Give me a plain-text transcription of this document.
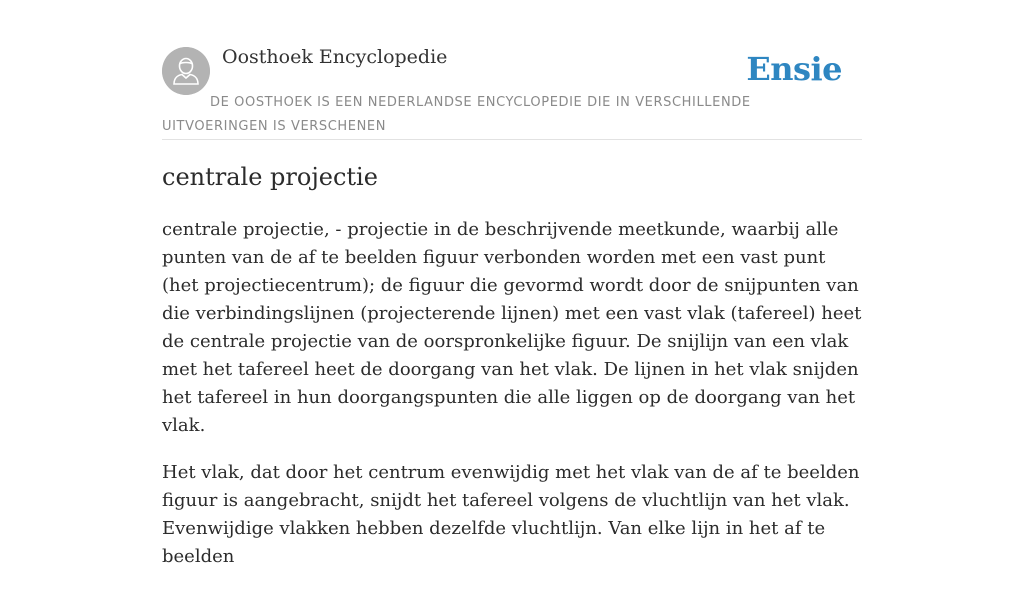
Oosthoek Encyclopedie	Ensie
DE OOSTHOEK IS EEN NEDERLANDSE ENCYCLOPEDIE DIE IN VERSCHILLENDE UITVOERINGEN IS VERSCHENEN
centrale projectie

centrale projectie, - projectie in de beschrijvende meetkunde, waarbij alle punten van de af te beelden figuur verbonden worden met een vast punt (het projectiecentrum); de figuur die gevormd wordt door de snijpunten van die verbindingslijnen (projecterende lijnen) met een vast vlak (tafereel) heet de centrale projectie van de oorspronkelijke figuur. De snijlijn van een vlak met het tafereel heet de doorgang van het vlak. De lijnen in het vlak snijden het tafereel in hun doorgangspunten die alle liggen op de doorgang van het vlak.

Het vlak, dat door het centrum evenwijdig met het vlak van de af te beelden figuur is aangebracht, snijdt het tafereel volgens de vluchtlijn van het vlak. Evenwijdige vlakken hebben dezelfde vluchtlijn. Van elke lijn in het af te beelden
